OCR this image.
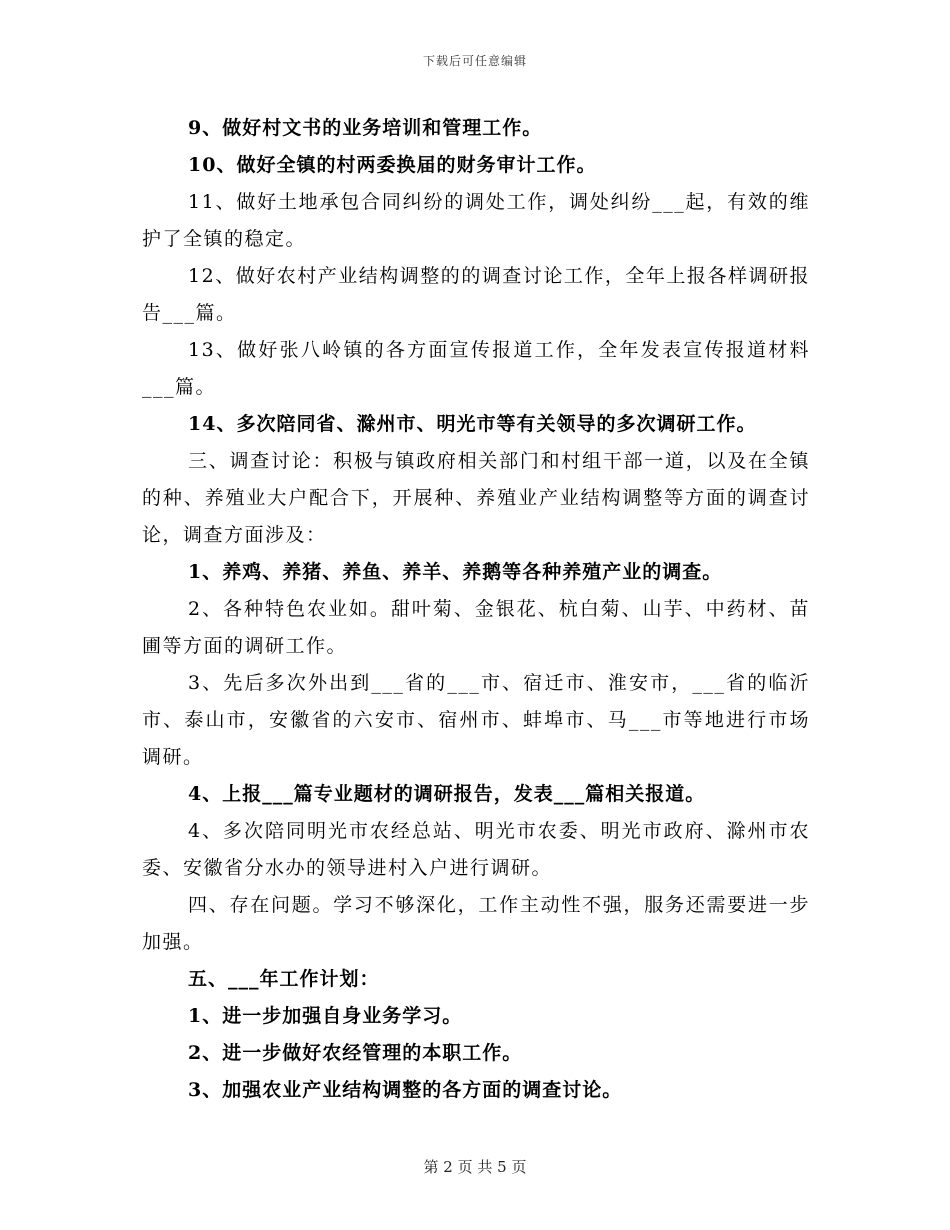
下载后可任意编辑

9、做好村文书的业务培训和管理工作。

10、做好全镇的村两委换届的财务审计工作。

11、做好土地承包合同纠纷的调处工作，调处纠纷___起，有效的维护了全镇的稳定。

12、做好农村产业结构调整的的调查讨论工作，全年上报各样调研报告___篇。

13、做好张八岭镇的各方面宣传报道工作，全年发表宣传报道材料___篇。

14、多次陪同省、滁州市、明光市等有关领导的多次调研工作。

三、调查讨论：积极与镇政府相关部门和村组干部一道，以及在全镇的种、养殖业大户配合下，开展种、养殖业产业结构调整等方面的调查讨论，调查方面涉及：

1、养鸡、养猪、养鱼、养羊、养鹅等各种养殖产业的调查。

2、各种特色农业如。甜叶菊、金银花、杭白菊、山芋、中药材、苗圃等方面的调研工作。

3、先后多次外出到___省的___市、宿迁市、淮安市，___省的临沂市、泰山市，安徽省的六安市、宿州市、蚌埠市、马___市等地进行市场调研。

4、上报___篇专业题材的调研报告，发表___篇相关报道。

4、多次陪同明光市农经总站、明光市农委、明光市政府、滁州市农委、安徽省分水办的领导进村入户进行调研。

四、存在问题。学习不够深化，工作主动性不强，服务还需要进一步加强。

五、___年工作计划：

1、进一步加强自身业务学习。

2、进一步做好农经管理的本职工作。

3、加强农业产业结构调整的各方面的调查讨论。

第 2 页 共 5 页
